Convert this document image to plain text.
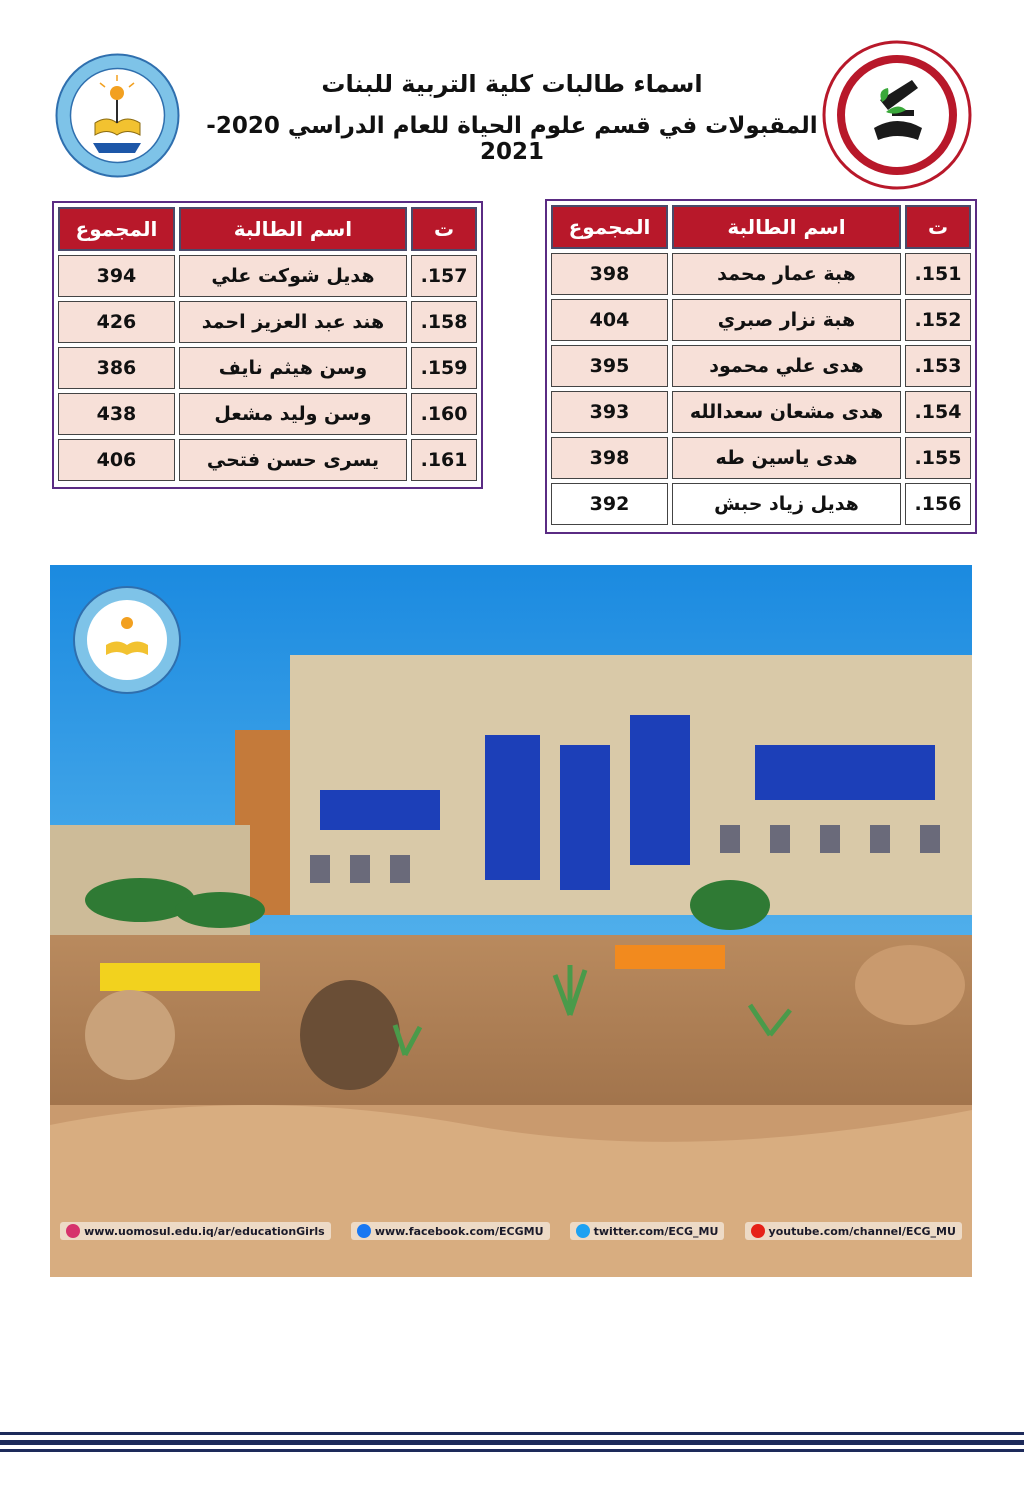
اسماء طالبات كلية التربية للبنات
المقبولات في قسم علوم الحياة للعام الدراسي 2020-2021
ت	اسم الطالبة	المجموع
151.	هبة عمار محمد	398
152.	هبة نزار صبري	404
153.	هدى علي محمود	395
154.	هدى مشعان سعدالله	393
155.	هدى ياسين طه	398
156.	هديل زياد حبش	392
ت	اسم الطالبة	المجموع
157.	هديل شوكت علي	394
158.	هند عبد العزيز احمد	426
159.	وسن هيثم نايف	386
160.	وسن وليد مشعل	438
161.	يسرى حسن فتحي	406
www.uomosul.edu.iq/ar/educationGirls	www.facebook.com/ECGMU	twitter.com/ECG_MU	youtube.com/channel/ECG_MU
